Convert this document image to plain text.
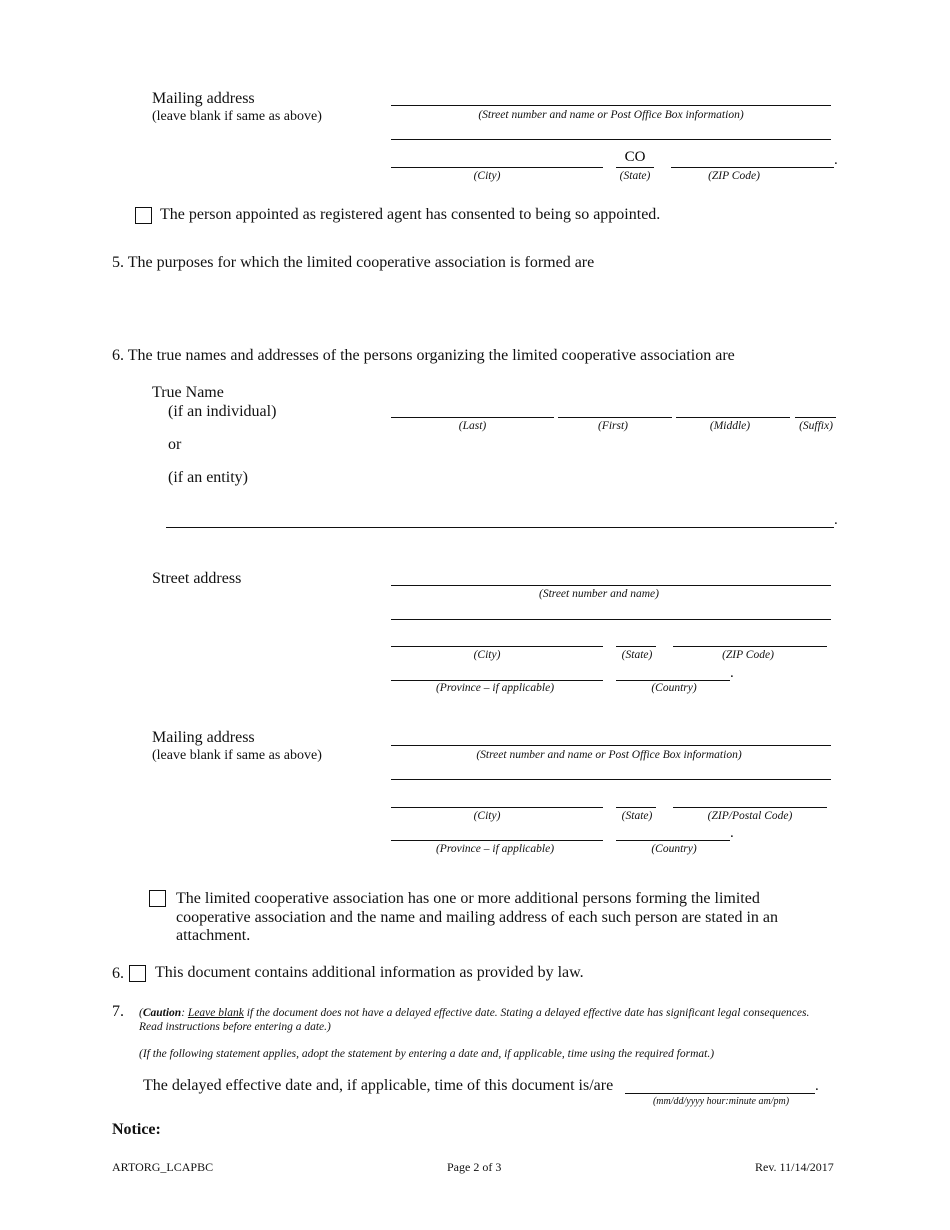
Mailing address
(leave blank if same as above)	(Street number and name or Post Office Box information)
CO
.
(City)	(State)	(ZIP Code)
The person appointed as registered agent has consented to being so appointed.
5. The purposes for which the limited cooperative association is formed are
6. The true names and addresses of the persons organizing the limited cooperative association are
True Name
(if an individual)
or
(if an entity)
(Last)	(First)	(Middle)	(Suffix)
.
Street address
(Street number and name)
(City)	(State)	(ZIP Code)
.
(Province – if applicable)	(Country)
Mailing address
(leave blank if same as above)	(Street number and name or Post Office Box information)
(City)	(State)	(ZIP/Postal Code)
.
(Province – if applicable)	(Country)
The limited cooperative association has one or more additional persons forming the limited cooperative association and the name and mailing address of each such person are stated in an attachment.
6. This document contains additional information as provided by law.
7. (Caution: Leave blank if the document does not have a delayed effective date. Stating a delayed effective date has significant legal consequences. Read instructions before entering a date.)
(If the following statement applies, adopt the statement by entering a date and, if applicable, time using the required format.)
The delayed effective date and, if applicable, time of this document is/are	.
(mm/dd/yyyy hour:minute am/pm)
Notice:
ARTORG_LCAPBC	Page 2 of 3	Rev. 11/14/2017
